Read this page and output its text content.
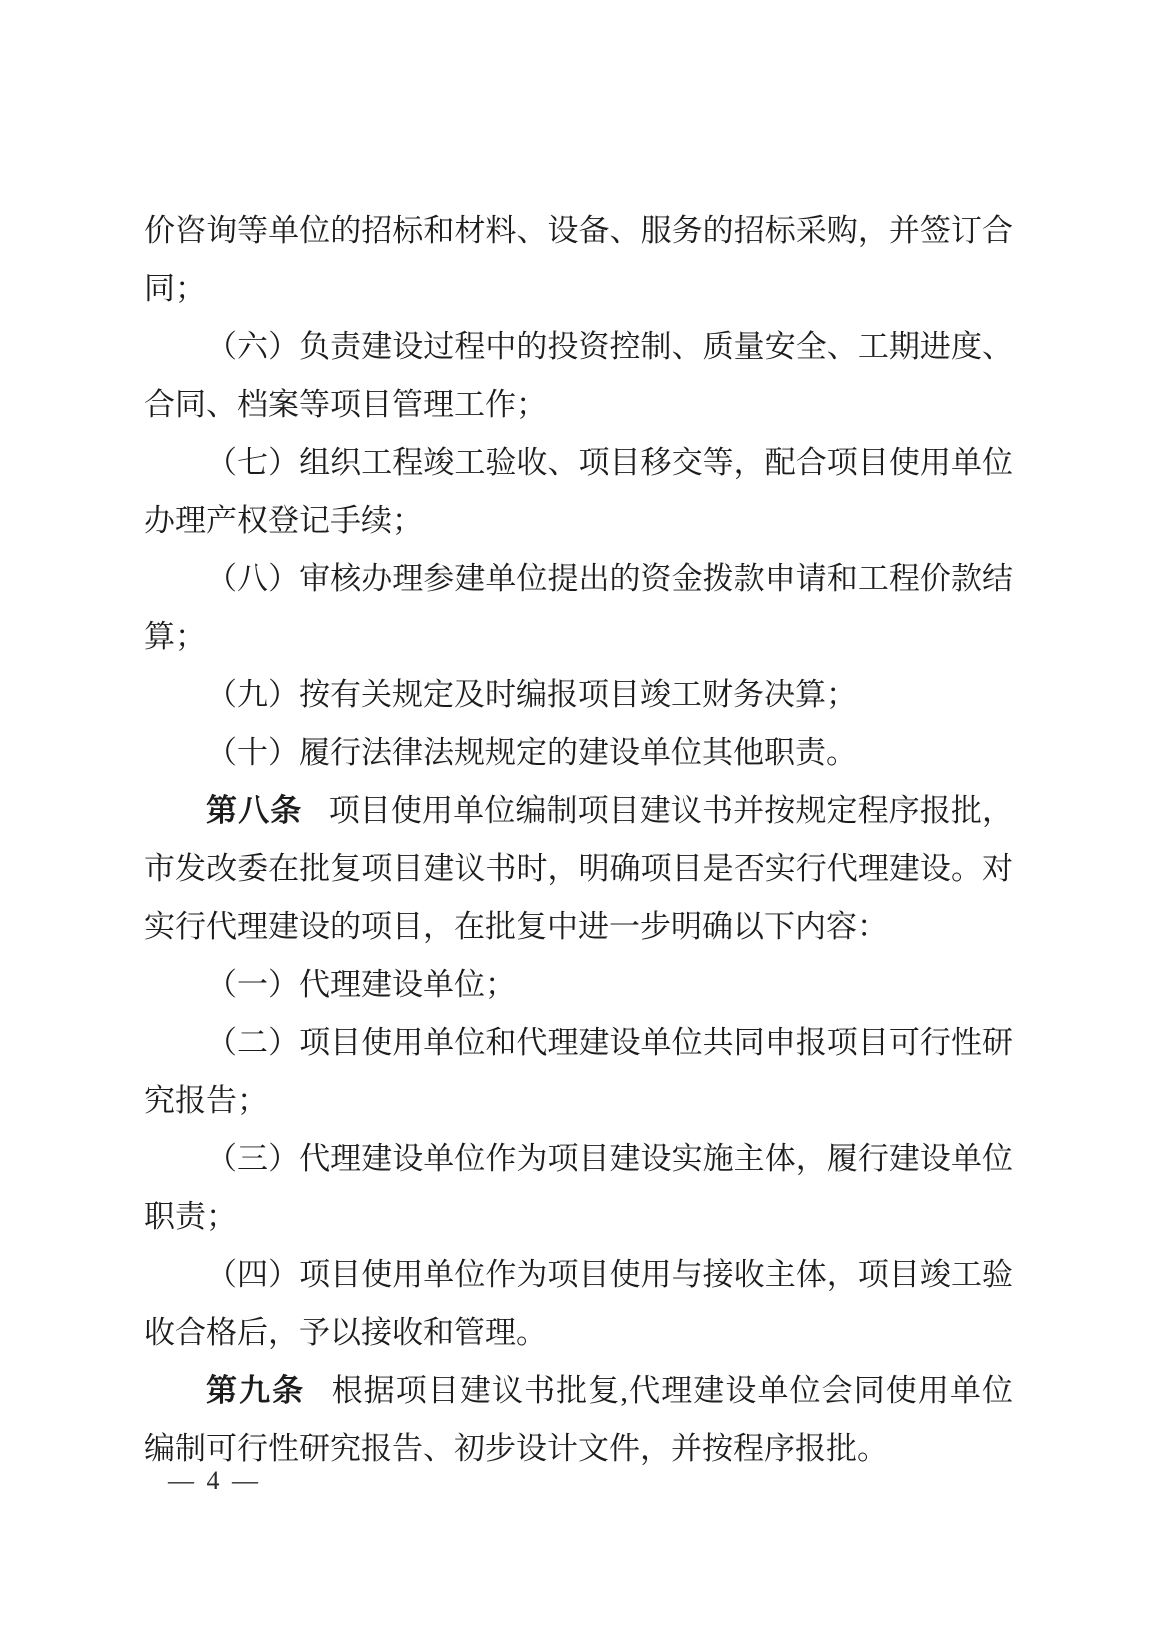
价咨询等单位的招标和材料、设备、服务的招标采购，并签订合同；

（六）负责建设过程中的投资控制、质量安全、工期进度、合同、档案等项目管理工作；

（七）组织工程竣工验收、项目移交等，配合项目使用单位办理产权登记手续；

（八）审核办理参建单位提出的资金拨款申请和工程价款结算；

（九）按有关规定及时编报项目竣工财务决算；

（十）履行法律法规规定的建设单位其他职责。

第八条 项目使用单位编制项目建议书并按规定程序报批，市发改委在批复项目建议书时，明确项目是否实行代理建设。对实行代理建设的项目，在批复中进一步明确以下内容：

（一）代理建设单位；

（二）项目使用单位和代理建设单位共同申报项目可行性研究报告；

（三）代理建设单位作为项目建设实施主体，履行建设单位职责；

（四）项目使用单位作为项目使用与接收主体，项目竣工验收合格后，予以接收和管理。

第九条 根据项目建议书批复,代理建设单位会同使用单位编制可行性研究报告、初步设计文件，并按程序报批。

— 4 —
